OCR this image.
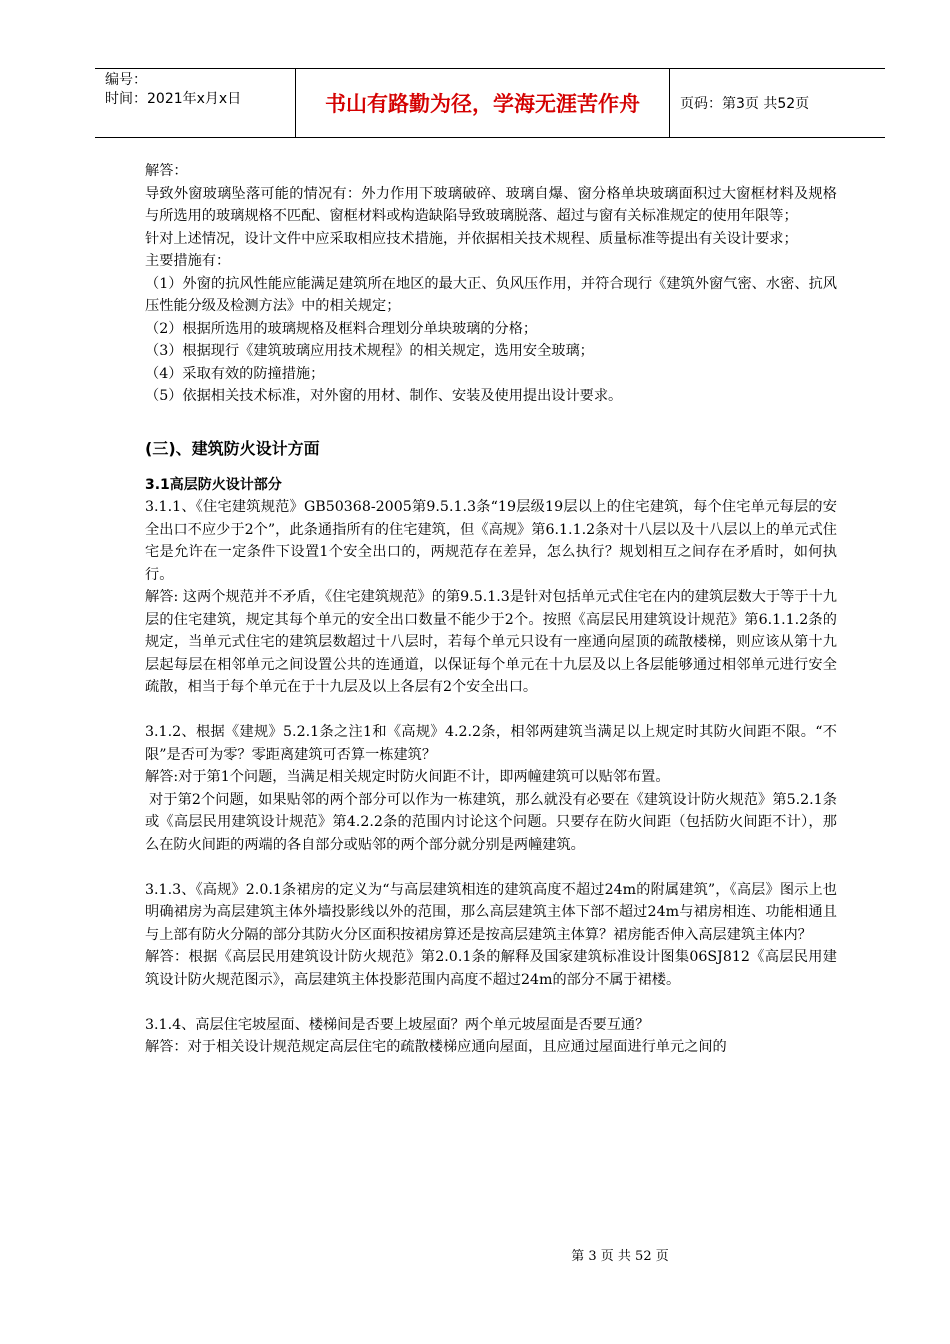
编号：
时间：2021年x月x日	书山有路勤为径，学海无涯苦作舟	页码：第3页 共52页

解答：

导致外窗玻璃坠落可能的情况有：外力作用下玻璃破碎、玻璃自爆、窗分格单块玻璃面积过大窗框材料及规格与所选用的玻璃规格不匹配、窗框材料或构造缺陷导致玻璃脱落、超过与窗有关标准规定的使用年限等；

针对上述情况，设计文件中应采取相应技术措施，并依据相关技术规程、质量标准等提出有关设计要求；

主要措施有：

（1）外窗的抗风性能应能满足建筑所在地区的最大正、负风压作用，并符合现行《建筑外窗气密、水密、抗风压性能分级及检测方法》中的相关规定；

（2）根据所选用的玻璃规格及框料合理划分单块玻璃的分格；

（3）根据现行《建筑玻璃应用技术规程》的相关规定，选用安全玻璃；

（4）采取有效的防撞措施；

（5）依据相关技术标准，对外窗的用材、制作、安装及使用提出设计要求。

(三)、建筑防火设计方面

3.1高层防火设计部分

3.1.1、《住宅建筑规范》GB50368-2005第9.5.1.3条“19层级19层以上的住宅建筑，每个住宅单元每层的安全出口不应少于2个”，此条通指所有的住宅建筑，但《高规》第6.1.1.2条对十八层以及十八层以上的单元式住宅是允许在一定条件下设置1个安全出口的，两规范存在差异，怎么执行？规划相互之间存在矛盾时，如何执行。

解答: 这两个规范并不矛盾，《住宅建筑规范》的第9.5.1.3是针对包括单元式住宅在内的建筑层数大于等于十九层的住宅建筑，规定其每个单元的安全出口数量不能少于2个。按照《高层民用建筑设计规范》第6.1.1.2条的规定，当单元式住宅的建筑层数超过十八层时，若每个单元只设有一座通向屋顶的疏散楼梯，则应该从第十九层起每层在相邻单元之间设置公共的连通道，以保证每个单元在十九层及以上各层能够通过相邻单元进行安全疏散，相当于每个单元在于十九层及以上各层有2个安全出口。

3.1.2、根据《建规》5.2.1条之注1和《高规》4.2.2条，相邻两建筑当满足以上规定时其防火间距不限。“不限”是否可为零？零距离建筑可否算一栋建筑？

解答:对于第1个问题，当满足相关规定时防火间距不计，即两幢建筑可以贴邻布置。

对于第2个问题，如果贴邻的两个部分可以作为一栋建筑，那么就没有必要在《建筑设计防火规范》第5.2.1条或《高层民用建筑设计规范》第4.2.2条的范围内讨论这个问题。只要存在防火间距（包括防火间距不计），那么在防火间距的两端的各自部分或贴邻的两个部分就分别是两幢建筑。

3.1.3、《高规》2.0.1条裙房的定义为“与高层建筑相连的建筑高度不超过24m的附属建筑”，《高层》图示上也明确裙房为高层建筑主体外墙投影线以外的范围，那么高层建筑主体下部不超过24m与裙房相连、功能相通且与上部有防火分隔的部分其防火分区面积按裙房算还是按高层建筑主体算？裙房能否伸入高层建筑主体内？

解答：根据《高层民用建筑设计防火规范》第2.0.1条的解释及国家建筑标准设计图集06SJ812《高层民用建筑设计防火规范图示》，高层建筑主体投影范围内高度不超过24m的部分不属于裙楼。

3.1.4、高层住宅坡屋面、楼梯间是否要上坡屋面？两个单元坡屋面是否要互通？

解答：对于相关设计规范规定高层住宅的疏散楼梯应通向屋面，且应通过屋面进行单元之间的

第 3 页 共 52 页
